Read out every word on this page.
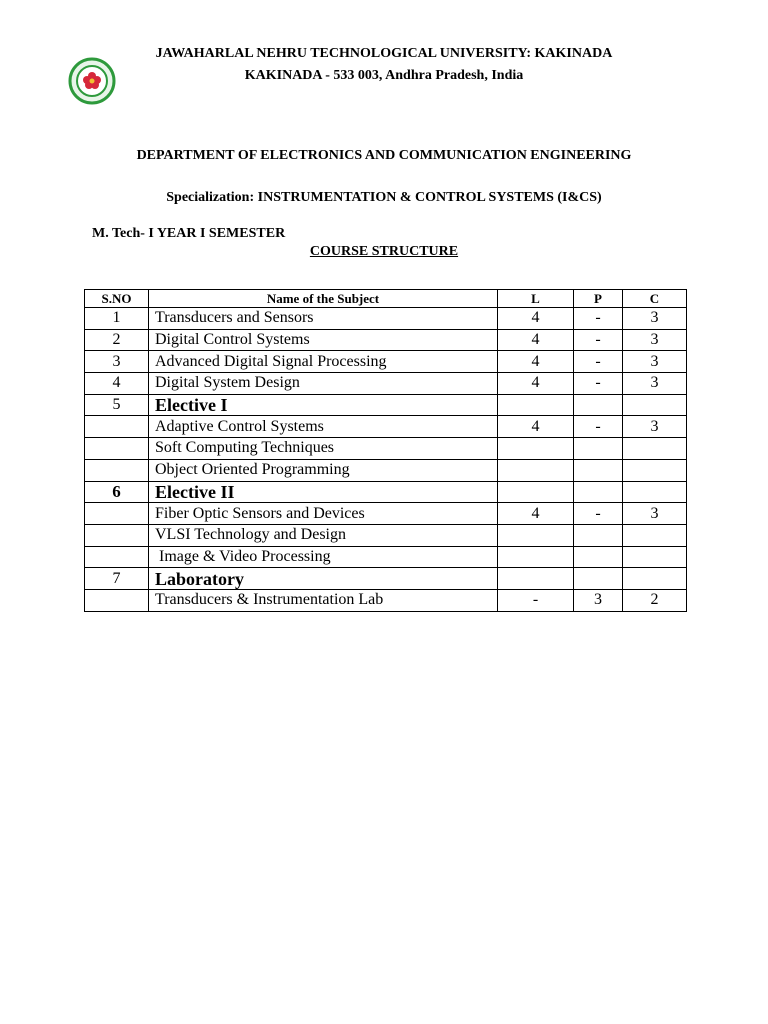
JAWAHARLAL NEHRU TECHNOLOGICAL UNIVERSITY: KAKINADA
KAKINADA - 533 003, Andhra Pradesh, India
DEPARTMENT OF ELECTRONICS AND COMMUNICATION ENGINEERING
Specialization: INSTRUMENTATION & CONTROL SYSTEMS (I&CS)
M. Tech- I YEAR I SEMESTER
COURSE STRUCTURE
S.NO	Name of the Subject	L	P	C
1	Transducers and Sensors	4	-	3
2	Digital Control Systems	4	-	3
3	Advanced Digital Signal Processing	4	-	3
4	Digital System Design	4	-	3
5	Elective I			
	Adaptive Control Systems	4	-	3
	Soft Computing Techniques			
	Object Oriented Programming			
6	Elective II			
	Fiber Optic Sensors and Devices	4	-	3
	VLSI Technology and Design			
	Image & Video Processing			
7	Laboratory			
	Transducers & Instrumentation Lab	-	3	2
